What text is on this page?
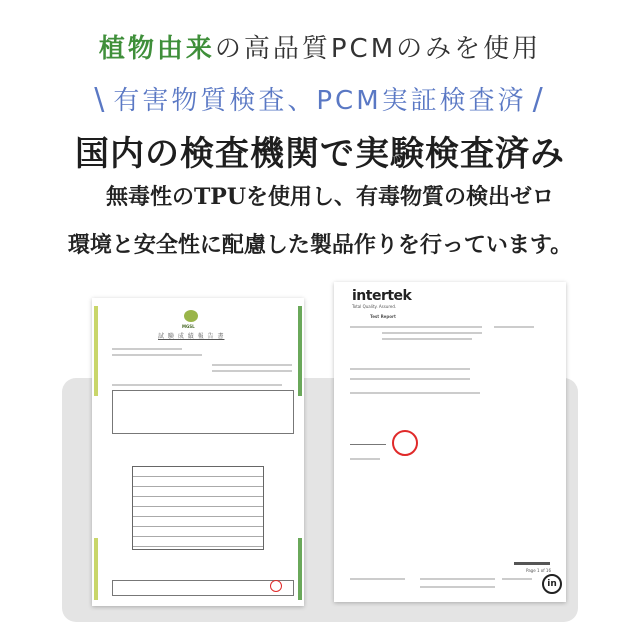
植物由来の高品質PCMのみを使用
\ 有害物質検査、PCM実証検査済 /
国内の検査機関で実験検査済み
無毒性のTPUを使用し、有毒物質の検出ゼロ
環境と安全性に配慮した製品作りを行っています。
MGSL
試 験 成 績 報 告 書
intertek
Total Quality. Assured.
Test Report
Page 1 of 16
in
